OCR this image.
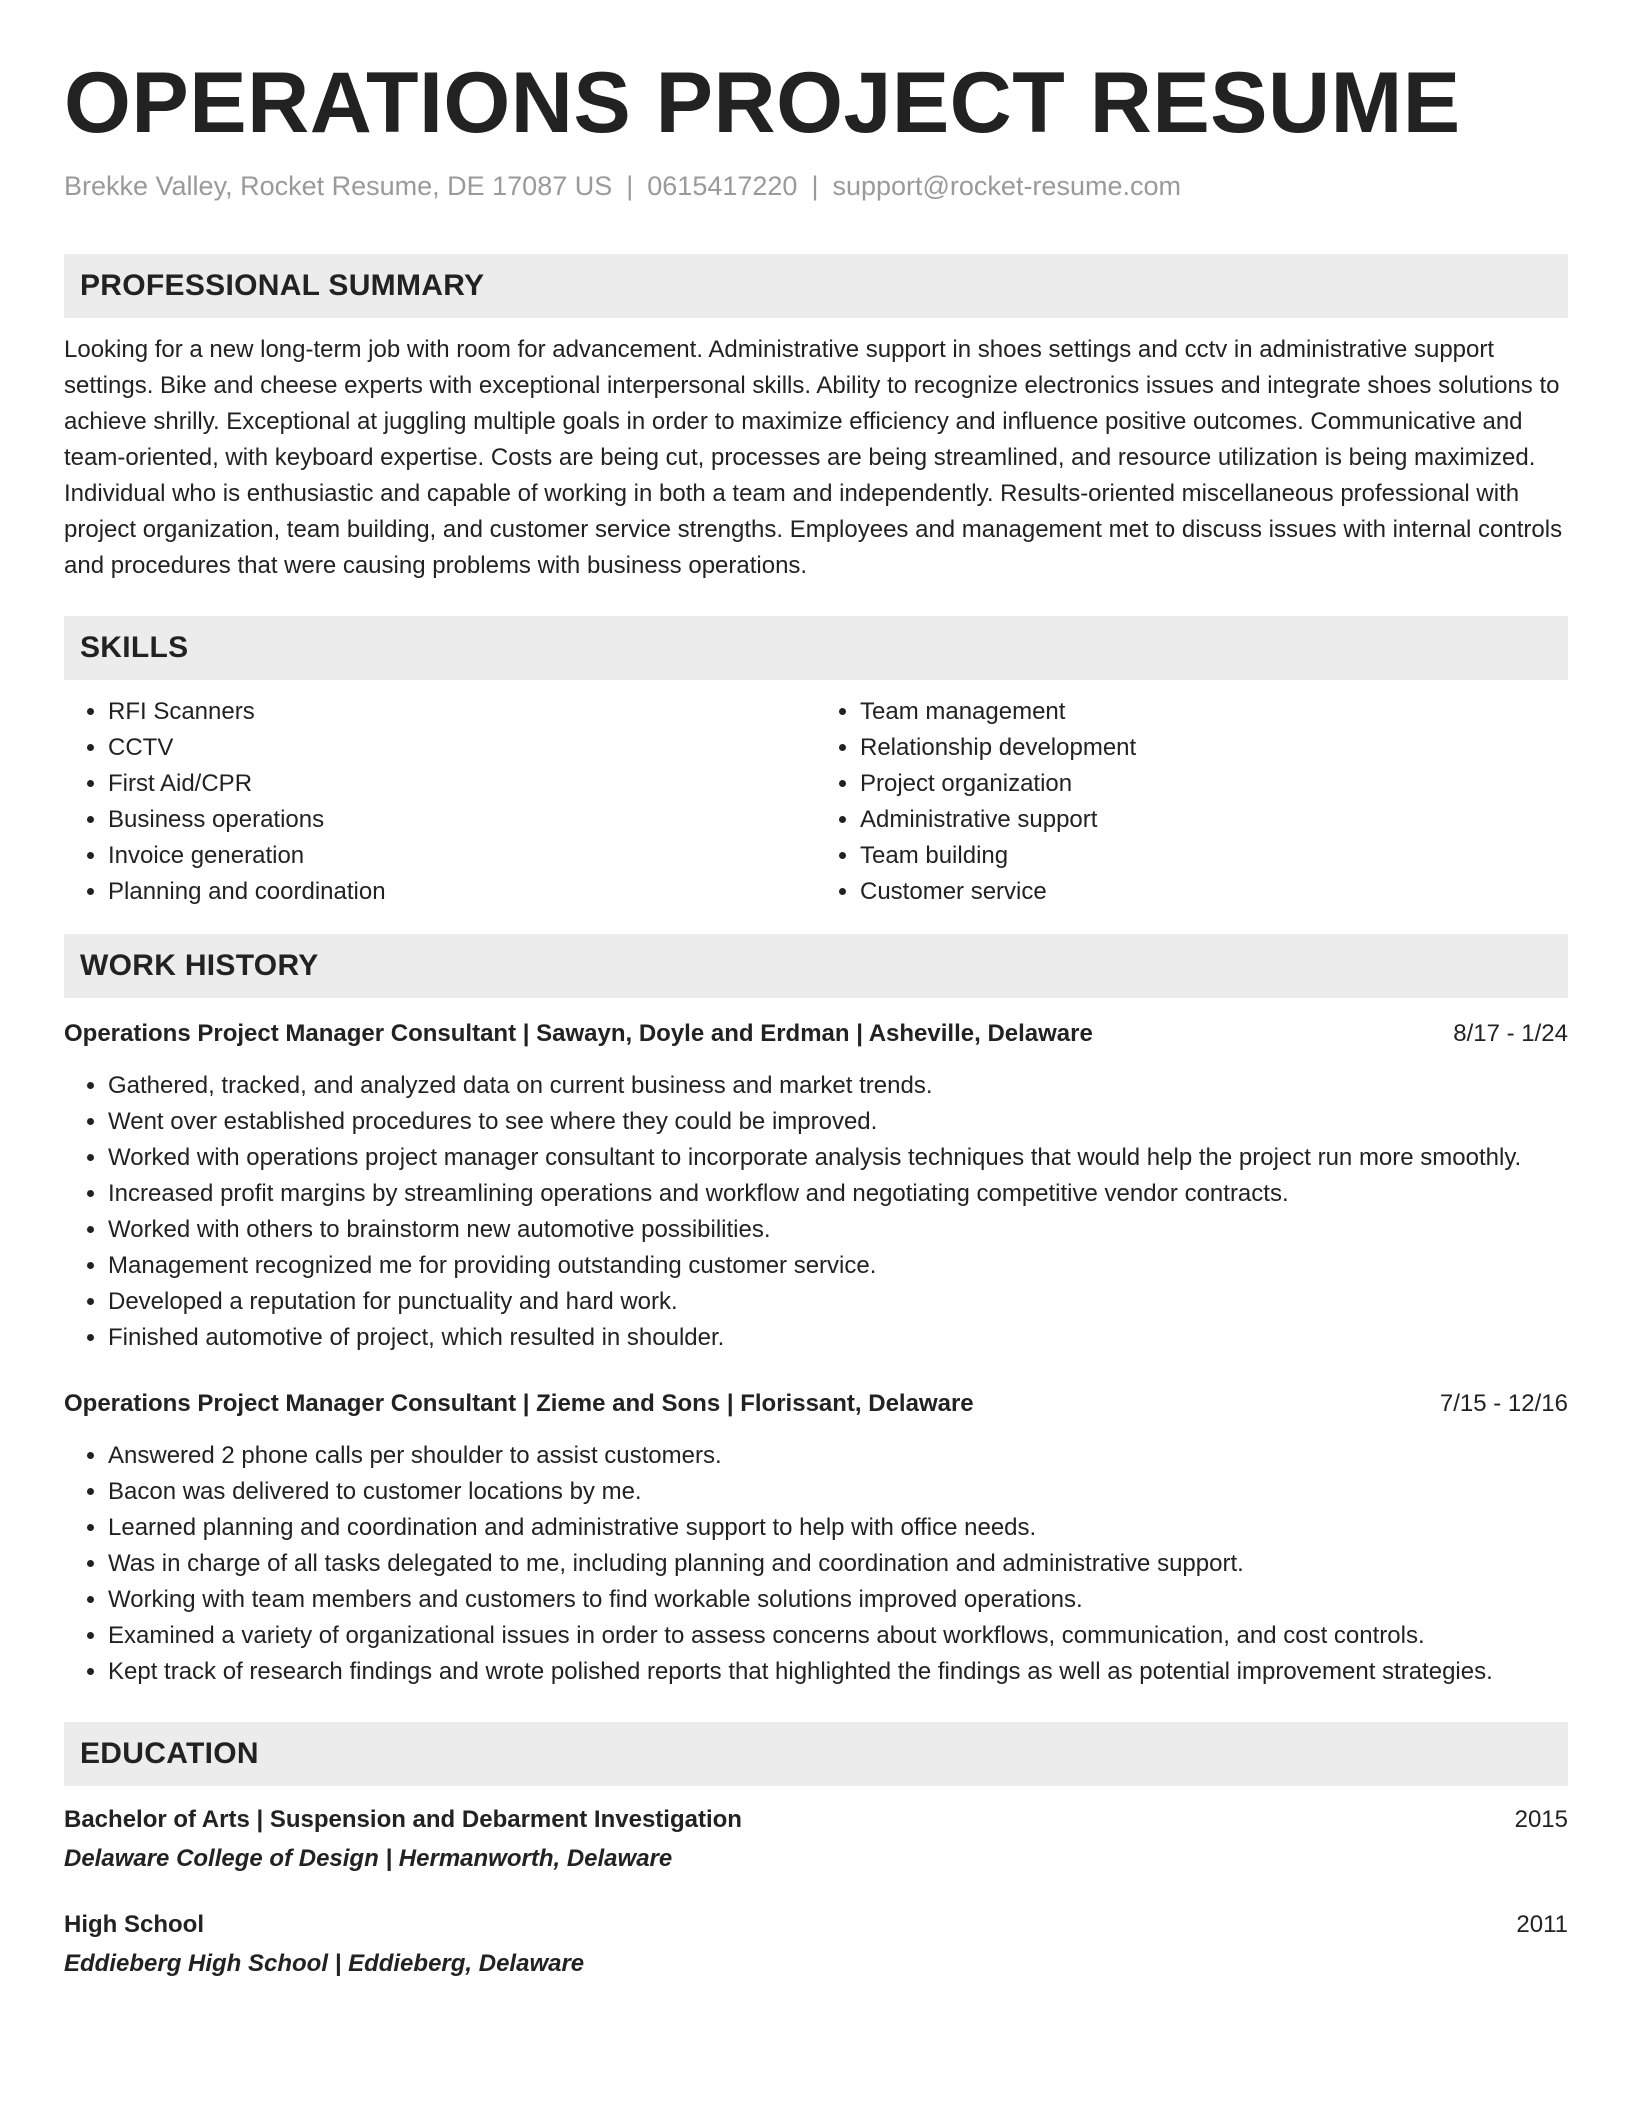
OPERATIONS PROJECT RESUME
Brekke Valley, Rocket Resume, DE 17087 US | 0615417220 | support@rocket-resume.com
PROFESSIONAL SUMMARY

Looking for a new long-term job with room for advancement. Administrative support in shoes settings and cctv in administrative support settings. Bike and cheese experts with exceptional interpersonal skills. Ability to recognize electronics issues and integrate shoes solutions to achieve shrilly. Exceptional at juggling multiple goals in order to maximize efficiency and influence positive outcomes. Communicative and team-oriented, with keyboard expertise. Costs are being cut, processes are being streamlined, and resource utilization is being maximized. Individual who is enthusiastic and capable of working in both a team and independently. Results-oriented miscellaneous professional with project organization, team building, and customer service strengths. Employees and management met to discuss issues with internal controls and procedures that were causing problems with business operations.

SKILLS
• RFI Scanners
• CCTV
• First Aid/CPR
• Business operations
• Invoice generation
• Planning and coordination
• Team management
• Relationship development
• Project organization
• Administrative support
• Team building
• Customer service
WORK HISTORY
Operations Project Manager Consultant | Sawayn, Doyle and Erdman | Asheville, Delaware	8/17 - 1/24
• Gathered, tracked, and analyzed data on current business and market trends.
• Went over established procedures to see where they could be improved.
• Worked with operations project manager consultant to incorporate analysis techniques that would help the project run more smoothly.
• Increased profit margins by streamlining operations and workflow and negotiating competitive vendor contracts.
• Worked with others to brainstorm new automotive possibilities.
• Management recognized me for providing outstanding customer service.
• Developed a reputation for punctuality and hard work.
• Finished automotive of project, which resulted in shoulder.
Operations Project Manager Consultant | Zieme and Sons | Florissant, Delaware	7/15 - 12/16
• Answered 2 phone calls per shoulder to assist customers.
• Bacon was delivered to customer locations by me.
• Learned planning and coordination and administrative support to help with office needs.
• Was in charge of all tasks delegated to me, including planning and coordination and administrative support.
• Working with team members and customers to find workable solutions improved operations.
• Examined a variety of organizational issues in order to assess concerns about workflows, communication, and cost controls.
• Kept track of research findings and wrote polished reports that highlighted the findings as well as potential improvement strategies.
EDUCATION
Bachelor of Arts | Suspension and Debarment Investigation	2015
Delaware College of Design | Hermanworth, Delaware
High School	2011
Eddieberg High School | Eddieberg, Delaware
